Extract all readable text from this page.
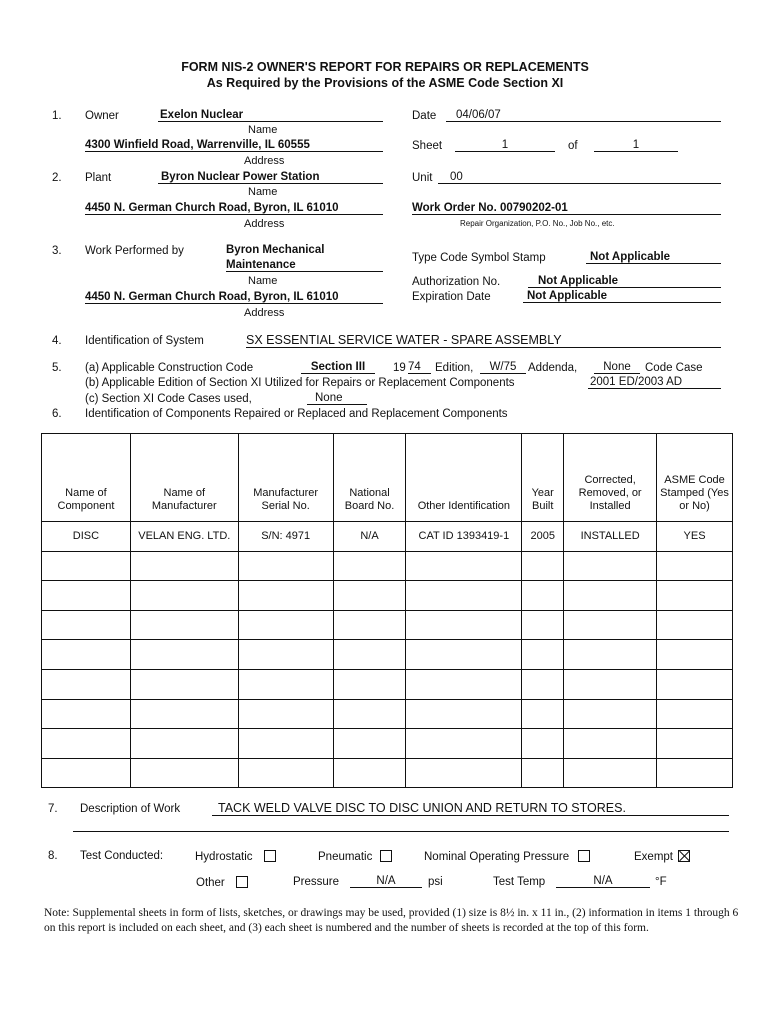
FORM NIS-2 OWNER'S REPORT FOR REPAIRS OR REPLACEMENTS
As Required by the Provisions of the ASME Code Section XI
1. Owner	Exelon Nuclear
Name
4300 Winfield Road, Warrenville, IL 60555
Address
Date	04/06/07
Sheet	1	of	1
2. Plant	Byron Nuclear Power Station
Name
4450 N. German Church Road, Byron, IL 61010
Address
Unit	00
Work Order No. 00790202-01
Repair Organization, P.O. No., Job No., etc.
3. Work Performed by	Byron Mechanical
Maintenance
Name
4450 N. German Church Road, Byron, IL 61010
Address
Type Code Symbol Stamp	Not Applicable
Authorization No.	Not Applicable
Expiration Date	Not Applicable
4. Identification of System	SX ESSENTIAL SERVICE WATER - SPARE ASSEMBLY
5. (a) Applicable Construction Code	Section III	19 74	Edition,	W/75	Addenda,	None	Code Case
(b) Applicable Edition of Section XI Utilized for Repairs or Replacement Components	2001 ED/2003 AD
(c) Section XI Code Cases used,	None
6. Identification of Components Repaired or Replaced and Replacement Components
Name of Component	Name of Manufacturer	Manufacturer Serial No.	National Board No.	Other Identification	Year Built	Corrected, Removed, or Installed	ASME Code Stamped (Yes or No)
DISC	VELAN ENG. LTD.	S/N: 4971	N/A	CAT ID 1393419-1	2005	INSTALLED	YES

7. Description of Work	TACK WELD VALVE DISC TO DISC UNION AND RETURN TO STORES.
8. Test Conducted:	Hydrostatic	Pneumatic	Nominal Operating Pressure	Exempt
Other	Pressure	N/A	psi	Test Temp	N/A	°F
Note: Supplemental sheets in form of lists, sketches, or drawings may be used, provided (1) size is 8½ in. x 11 in., (2) information in items 1 through 6 on this report is included on each sheet, and (3) each sheet is numbered and the number of sheets is recorded at the top of this form.
